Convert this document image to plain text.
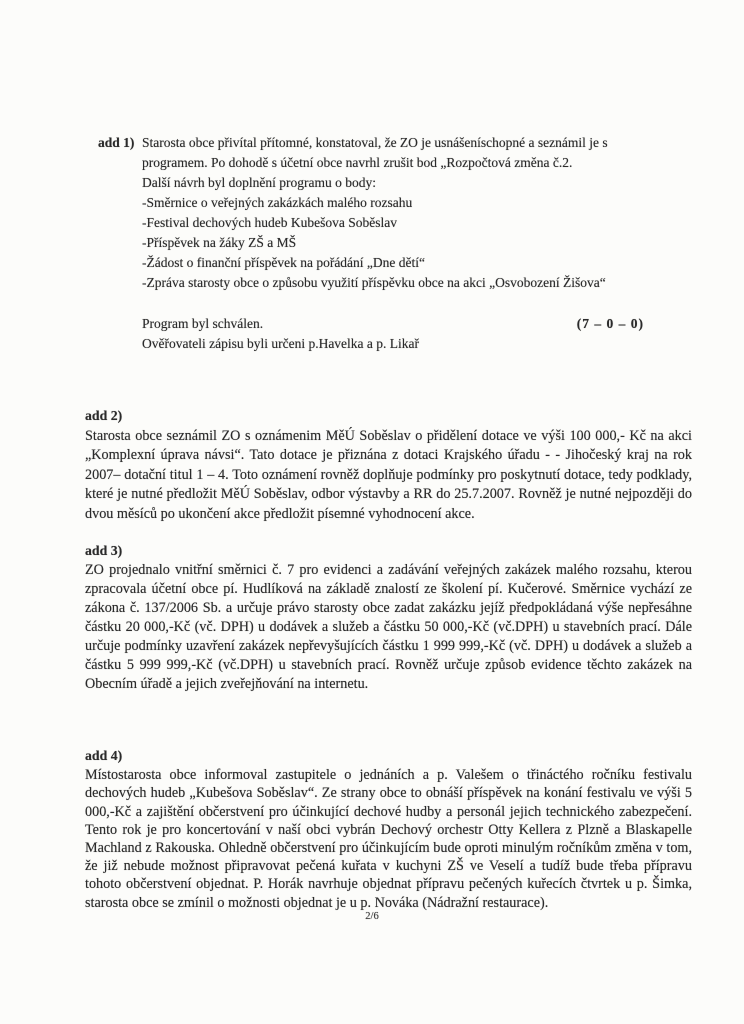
add 1) Starosta obce přivítal přítomné, konstatoval, že ZO je usnášeníschopné a seznámil je s programem. Po dohodě s účetní obce navrhl zrušit bod „Rozpočtová změna č.2.

Další návrh byl doplnění programu o body:

-Směrnice o veřejných zakázkách malého rozsahu
-Festival dechových hudeb Kubešova Soběslav
-Příspěvek na žáky ZŠ a MŠ
-Žádost o finanční příspěvek na pořádání „Dne dětí“
-Zpráva starosty obce o způsobu využití příspěvku obce na akci „Osvobození Žišova“
Program byl schválen.	(7 – 0 – 0)

Ověřovateli zápisu byli určeni p.Havelka a p. Likař

add 2)

Starosta obce seznámil ZO s oznámenim MěÚ Soběslav o přidělení dotace ve výši 100 000,- Kč na akci „Komplexní úprava návsi“. Tato dotace je přiznána z dotaci Krajského úřadu - - Jihočeský kraj na rok 2007– dotační titul 1 – 4. Toto oznámení rovněž doplňuje podmínky pro poskytnutí dotace, tedy podklady, které je nutné předložit MěÚ Soběslav, odbor výstavby a RR do 25.7.2007. Rovněž je nutné nejpozději do dvou měsíců po ukončení akce předložit písemné vyhodnocení akce.

add 3)

ZO projednalo vnitřní směrnici č. 7 pro evidenci a zadávání veřejných zakázek malého rozsahu, kterou zpracovala účetní obce pí. Hudlíková na základě znalostí ze školení pí. Kučerové. Směrnice vychází ze zákona č. 137/2006 Sb. a určuje právo starosty obce zadat zakázku jejíž předpokládaná výše nepřesáhne částku 20 000,-Kč (vč. DPH) u dodávek a služeb a částku 50 000,-Kč (vč.DPH) u stavebních prací. Dále určuje podmínky uzavření zakázek nepřevyšujících částku 1 999 999,-Kč (vč. DPH) u dodávek a služeb a částku 5 999 999,-Kč (vč.DPH) u stavebních prací. Rovněž určuje způsob evidence těchto zakázek na Obecním úřadě a jejich zveřejňování na internetu.

add 4)

Místostarosta obce informoval zastupitele o jednáních a p. Valešem o třináctého ročníku festivalu dechových hudeb „Kubešova Soběslav“. Ze strany obce to obnáší příspěvek na konání festivalu ve výši 5 000,-Kč a zajištění občerstvení pro účinkující dechové hudby a personál jejich technického zabezpečení. Tento rok je pro koncertování v naší obci vybrán Dechový orchestr Otty Kellera z Plzně a Blaskapelle Machland z Rakouska. Ohledně občerstvení pro účinkujícím bude oproti minulým ročníkům změna v tom, že již nebude možnost připravovat pečená kuřata v kuchyni ZŠ ve Veselí a tudíž bude třeba přípravu tohoto občerstvení objednat. P. Horák navrhuje objednat přípravu pečených kuřecích čtvrtek u p. Šimka, starosta obce se zmínil o možnosti objednat je u p. Nováka (Nádražní restaurace).

2/6
